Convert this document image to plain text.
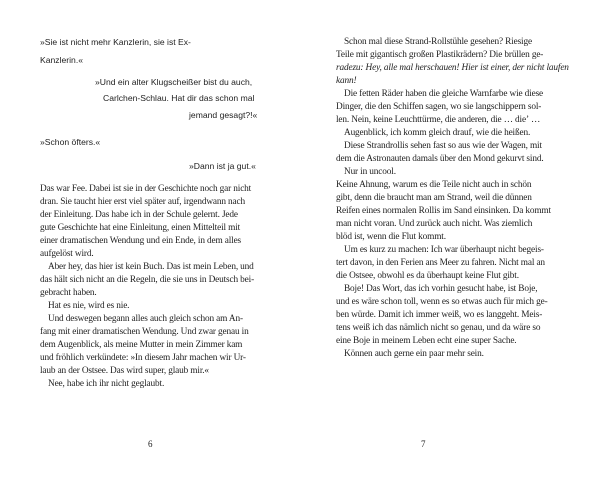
»Sie ist nicht mehr Kanzlerin, sie ist Ex-
Kanzlerin.«
»Und ein alter Klugscheißer bist du auch,
Carlchen-Schlau. Hat dir das schon mal
jemand gesagt?!«
»Schon öfters.«
»Dann ist ja gut.«
Das war Fee. Dabei ist sie in der Geschichte noch gar nicht
dran. Sie taucht hier erst viel später auf, irgendwann nach
der Einleitung. Das habe ich in der Schule gelernt. Jede
gute Geschichte hat eine Einleitung, einen Mittelteil mit
einer dramatischen Wendung und ein Ende, in dem alles
aufgelöst wird.
Aber hey, das hier ist kein Buch. Das ist mein Leben, und
das hält sich nicht an die Regeln, die sie uns in Deutsch bei-
gebracht haben.
Hat es nie, wird es nie.
Und deswegen begann alles auch gleich schon am An-
fang mit einer dramatischen Wendung. Und zwar genau in
dem Augenblick, als meine Mutter in mein Zimmer kam
und fröhlich verkündete: »In diesem Jahr machen wir Ur-
laub an der Ostsee. Das wird super, glaub mir.«
Nee, habe ich ihr nicht geglaubt.
6
Schon mal diese Strand-Rollstühle gesehen? Riesige
Teile mit gigantisch großen Plastikrädern? Die brüllen ge-
radezu: Hey, alle mal herschauen! Hier ist einer, der nicht laufen
kann!
Die fetten Räder haben die gleiche Warnfarbe wie diese
Dinger, die den Schiffen sagen, wo sie langschippern sol-
len. Nein, keine Leuchttürme, die anderen, die … dieʼ …
Augenblick, ich komm gleich drauf, wie die heißen.
Diese Strandrollis sehen fast so aus wie der Wagen, mit
dem die Astronauten damals über den Mond gekurvt sind.
Nur in uncool.
Keine Ahnung, warum es die Teile nicht auch in schön
gibt, denn die braucht man am Strand, weil die dünnen
Reifen eines normalen Rollis im Sand einsinken. Da kommt
man nicht voran. Und zurück auch nicht. Was ziemlich
blöd ist, wenn die Flut kommt.
Um es kurz zu machen: Ich war überhaupt nicht begeis-
tert davon, in den Ferien ans Meer zu fahren. Nicht mal an
die Ostsee, obwohl es da überhaupt keine Flut gibt.
Boje! Das Wort, das ich vorhin gesucht habe, ist Boje,
und es wäre schon toll, wenn es so etwas auch für mich ge-
ben würde. Damit ich immer weiß, wo es langgeht. Meis-
tens weiß ich das nämlich nicht so genau, und da wäre so
eine Boje in meinem Leben echt eine super Sache.
Können auch gerne ein paar mehr sein.
7
